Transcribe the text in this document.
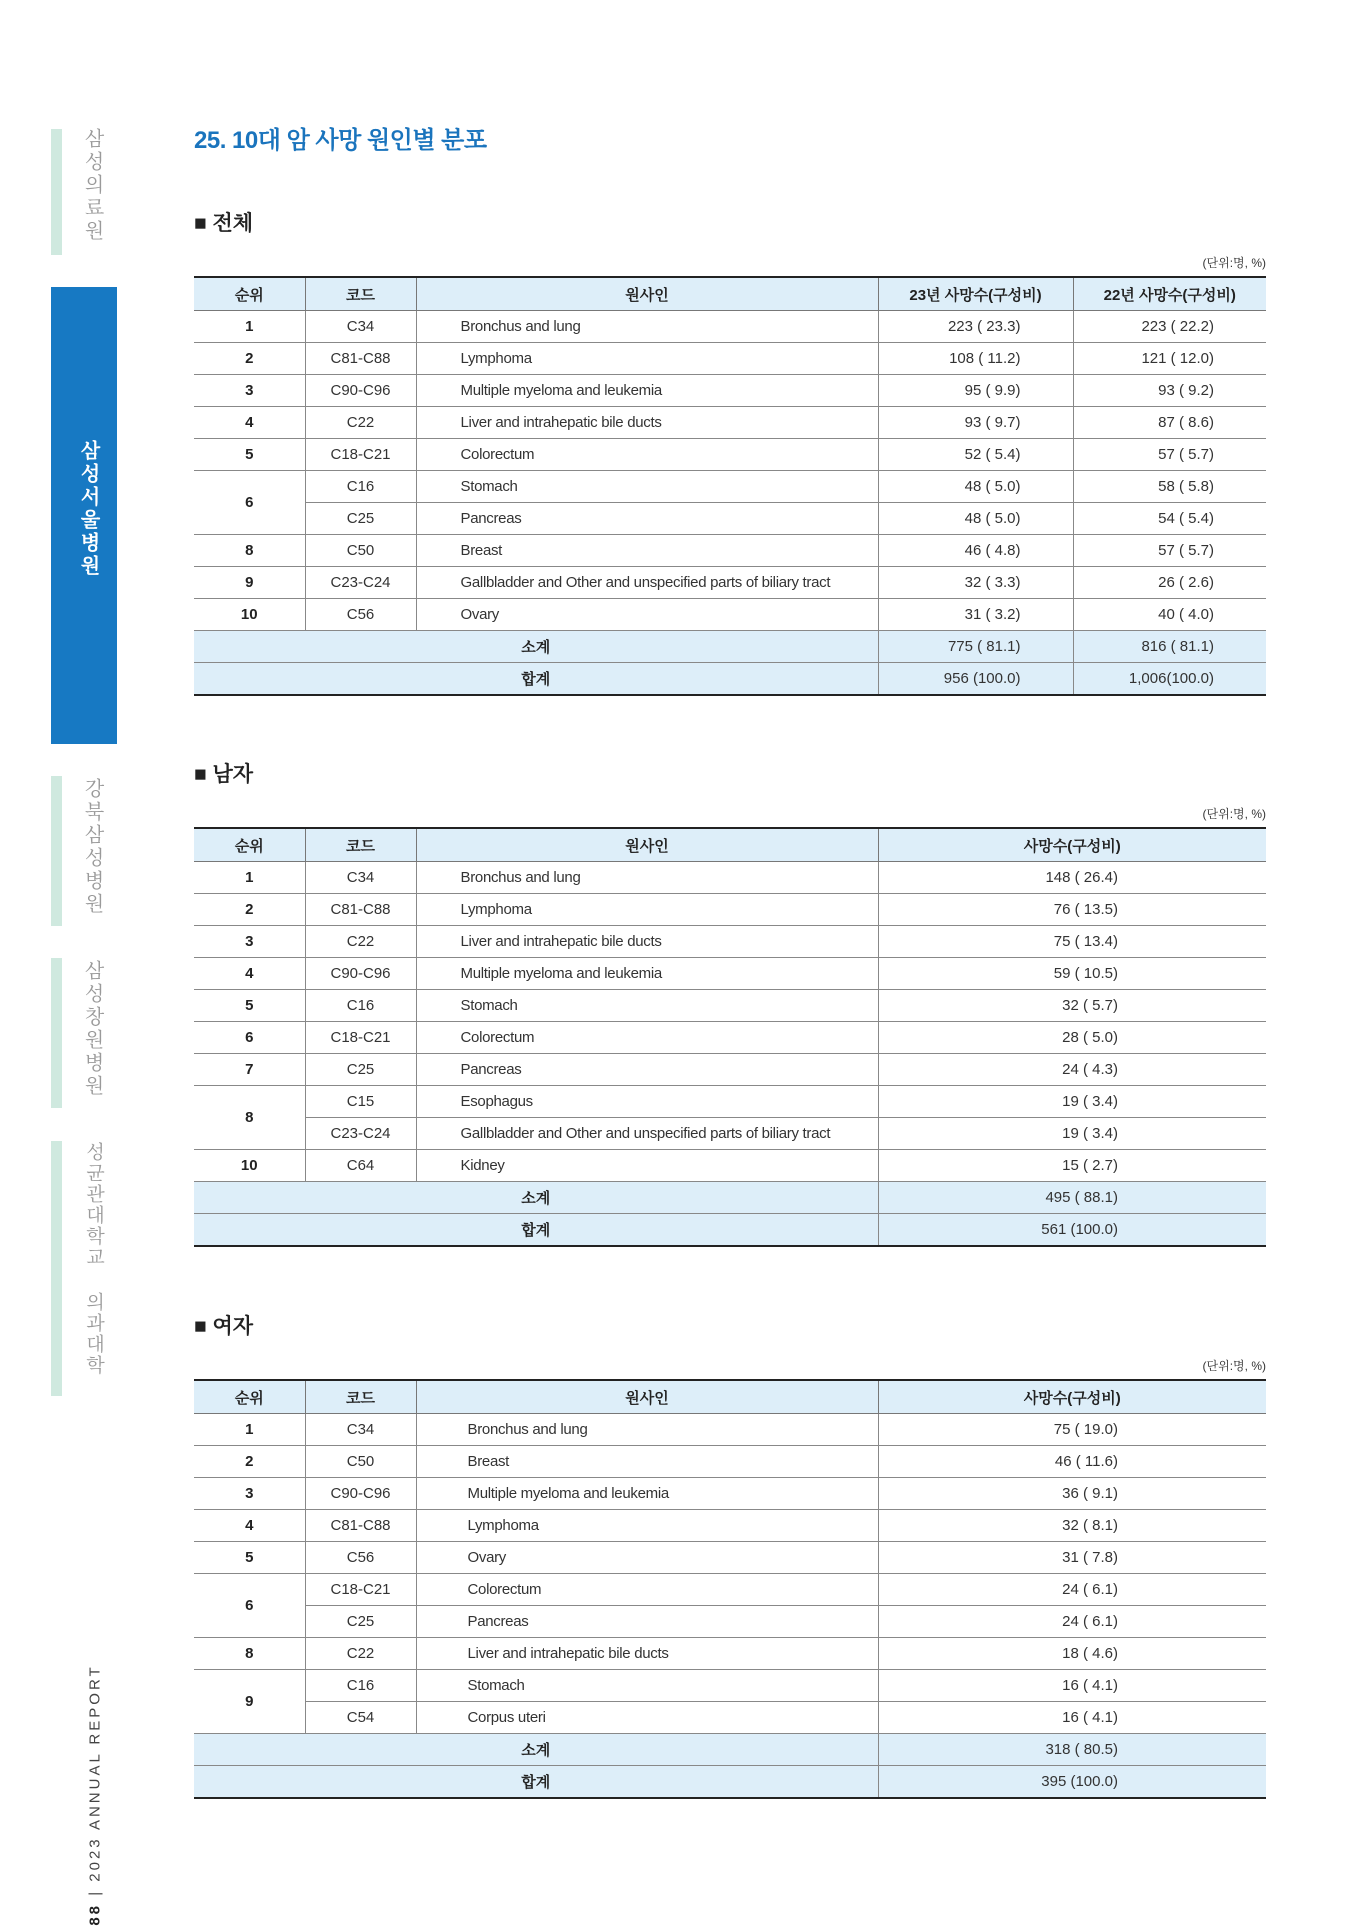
삼성의료원
삼성서울병원
강북삼성병원
삼성창원병원
성균관대학교 의과대학
88 | 2023 ANNUAL REPORT
25. 10대 암 사망 원인별 분포
■ 전체
(단위:명, %)
순위	코드	원사인	23년 사망수(구성비)	22년 사망수(구성비)
1	C34	Bronchus and lung	223 ( 23.3)	223 ( 22.2)
2	C81-C88	Lymphoma	108 ( 11.2)	121 ( 12.0)
3	C90-C96	Multiple myeloma and leukemia	95 ( 9.9)	93 ( 9.2)
4	C22	Liver and intrahepatic bile ducts	93 ( 9.7)	87 ( 8.6)
5	C18-C21	Colorectum	52 ( 5.4)	57 ( 5.7)
6	C16	Stomach	48 ( 5.0)	58 ( 5.8)
	C25	Pancreas	48 ( 5.0)	54 ( 5.4)
8	C50	Breast	46 ( 4.8)	57 ( 5.7)
9	C23-C24	Gallbladder and Other and unspecified parts of biliary tract	32 ( 3.3)	26 ( 2.6)
10	C56	Ovary	31 ( 3.2)	40 ( 4.0)
소계			775 ( 81.1)	816 ( 81.1)
합계			956 (100.0)	1,006(100.0)
■ 남자
(단위:명, %)
순위	코드	원사인	사망수(구성비)
1	C34	Bronchus and lung	148 ( 26.4)
2	C81-C88	Lymphoma	76 ( 13.5)
3	C22	Liver and intrahepatic bile ducts	75 ( 13.4)
4	C90-C96	Multiple myeloma and leukemia	59 ( 10.5)
5	C16	Stomach	32 ( 5.7)
6	C18-C21	Colorectum	28 ( 5.0)
7	C25	Pancreas	24 ( 4.3)
8	C15	Esophagus	19 ( 3.4)
	C23-C24	Gallbladder and Other and unspecified parts of biliary tract	19 ( 3.4)
10	C64	Kidney	15 ( 2.7)
소계			495 ( 88.1)
합계			561 (100.0)
■ 여자
(단위:명, %)
순위	코드	원사인	사망수(구성비)
1	C34	Bronchus and lung	75 ( 19.0)
2	C50	Breast	46 ( 11.6)
3	C90-C96	Multiple myeloma and leukemia	36 ( 9.1)
4	C81-C88	Lymphoma	32 ( 8.1)
5	C56	Ovary	31 ( 7.8)
6	C18-C21	Colorectum	24 ( 6.1)
	C25	Pancreas	24 ( 6.1)
8	C22	Liver and intrahepatic bile ducts	18 ( 4.6)
9	C16	Stomach	16 ( 4.1)
	C54	Corpus uteri	16 ( 4.1)
소계			318 ( 80.5)
합계			395 (100.0)
